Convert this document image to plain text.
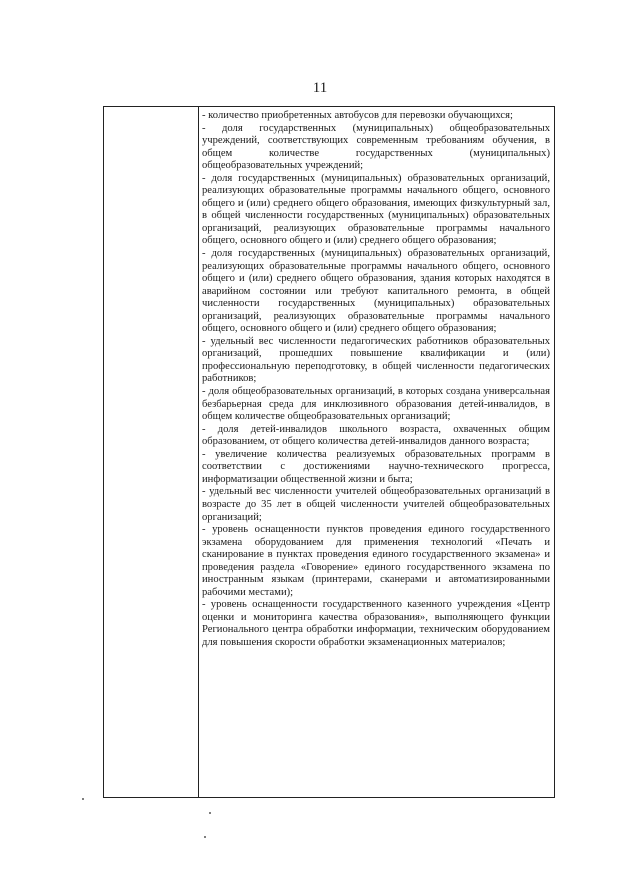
11

- количество приобретенных автобусов для перевозки обучающихся;

- доля государственных (муниципальных) общеобразовательных учреждений, соответствующих современным требованиям обучения, в общем количестве государственных (муниципальных) общеобразовательных учреждений;

- доля государственных (муниципальных) образовательных организаций, реализующих образовательные программы начального общего, основного общего и (или) среднего общего образования, имеющих физкультурный зал, в общей численности государственных (муниципальных) образовательных организаций, реализующих образовательные программы начального общего, основного общего и (или) среднего общего образования;

- доля государственных (муниципальных) образовательных организаций, реализующих образовательные программы начального общего, основного общего и (или) среднего общего образования, здания которых находятся в аварийном состоянии или требуют капитального ремонта, в общей численности государственных (муниципальных) образовательных организаций, реализующих образовательные программы начального общего, основного общего и (или) среднего общего образования;

- удельный вес численности педагогических работников образовательных организаций, прошедших повышение квалификации и (или) профессиональную переподготовку, в общей численности педагогических работников;

- доля общеобразовательных организаций, в которых создана универсальная безбарьерная среда для инклюзивного образования детей-инвалидов, в общем количестве общеобразовательных организаций;

- доля детей-инвалидов школьного возраста, охваченных общим образованием, от общего количества детей-инвалидов данного возраста;

- увеличение количества реализуемых образовательных программ в соответствии с достижениями научно-технического прогресса, информатизации общественной жизни и быта;

- удельный вес численности учителей общеобразовательных организаций в возрасте до 35 лет в общей численности учителей общеобразовательных организаций;

- уровень оснащенности пунктов проведения единого государственного экзамена оборудованием для применения технологий «Печать и сканирование в пунктах проведения единого государственного экзамена» и проведения раздела «Говорение» единого государственного экзамена по иностранным языкам (принтерами, сканерами и автоматизированными рабочими местами);

- уровень оснащенности государственного казенного учреждения «Центр оценки и мониторинга качества образования», выполняющего функции Регионального центра обработки информации, техническим оборудованием для повышения скорости обработки экзаменационных материалов;
